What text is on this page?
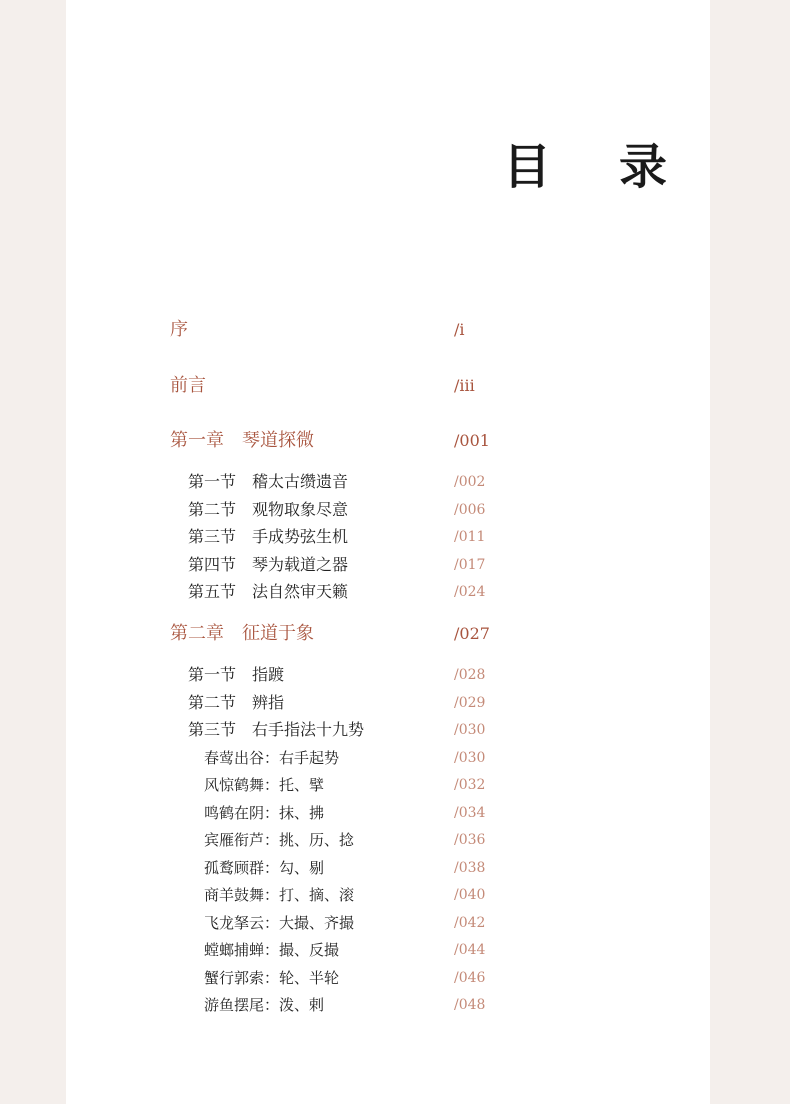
目 录
序	/ⅰ
前言	/ⅲ
第一章　琴道探微	/001
第一节　稽太古缵遗音	/002
第二节　观物取象尽意	/006
第三节　手成势弦生机	/011
第四节　琴为载道之器	/017
第五节　法自然审天籁	/024
第二章　征道于象	/027
第一节　指踱	/028
第二节　辨指	/029
第三节　右手指法十九势	/030
春莺出谷：右手起势	/030
风惊鹤舞：托、擘	/032
鸣鹤在阴：抹、拂	/034
宾雁衔芦：挑、历、捻	/036
孤鹜顾群：勾、剔	/038
商羊鼓舞：打、摘、滚	/040
飞龙拏云：大撮、齐撮	/042
螳螂捕蝉：撮、反撮	/044
蟹行郭索：轮、半轮	/046
游鱼摆尾：泼、剌	/048
